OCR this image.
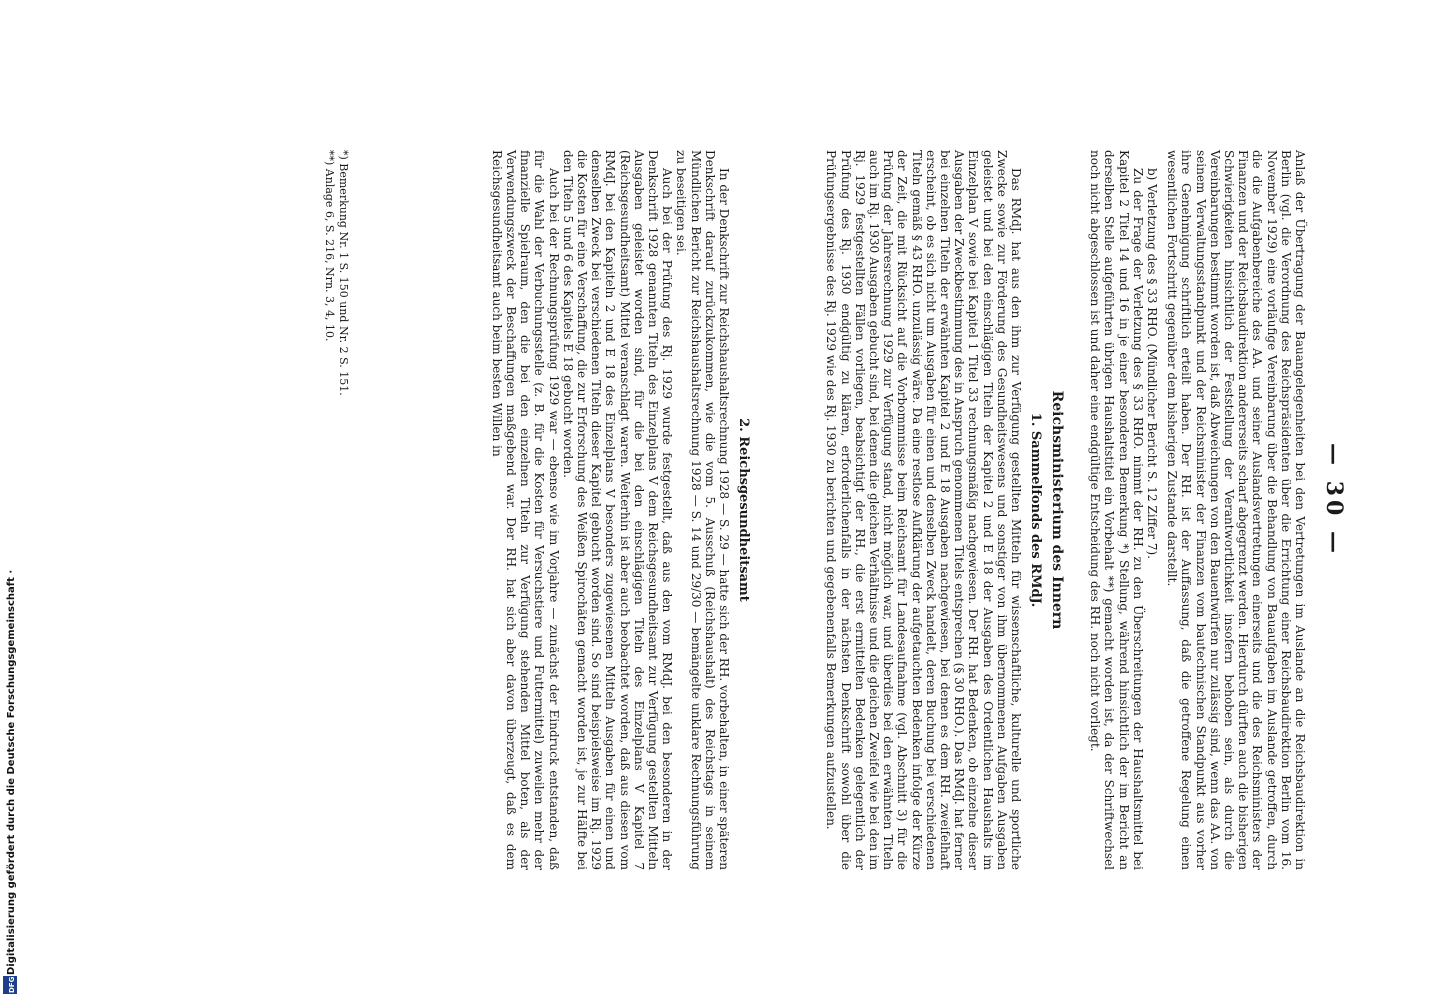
— 30 —

Anlaß der Übertragung der Bauangelegenheiten bei den Vertretungen im Auslande an die Reichsbaudirektion in Berlin (vgl. die Verordnung des Reichspräsidenten über die Errichtung einer Reichsbaudirektion Berlin vom 16. November 1929) eine vorläufige Vereinbarung über die Behandlung von Bauaufgaben im Auslande getroffen, durch die die Aufgabenbereiche des AA. und seiner Auslandsvertretungen einerseits und die des Reichsministers der Finanzen und der Reichsbaudirektion andererseits scharf abgegrenzt werden. Hierdurch dürften auch die bisherigen Schwierigkeiten hinsichtlich der Feststellung der Verantwortlichkeit insofern behoben sein, als durch die Vereinbarungen bestimmt worden ist, daß Abweichungen von den Bauentwürfen nur zulässig sind, wenn das AA. von seinem Verwaltungsstandpunkt und der Reichsminister der Finanzen vom bautechnischen Standpunkt aus vorher ihre Genehmigung schriftlich erteilt haben. Der RH. ist der Auffassung, daß die getroffene Regelung einen wesentlichen Fortschritt gegenüber dem bisherigen Zustande darstellt.

b) Verletzung des § 33 RHO. (Mündlicher Bericht S. 12 Ziffer 7).

Zu der Frage der Verletzung des § 33 RHO. nimmt der RH. zu den Überschreitungen der Haushaltsmittel bei Kapitel 2 Titel 14 und 16 in je einer besonderen Bemerkung *) Stellung, während hinsichtlich der im Bericht an derselben Stelle aufgeführten übrigen Haushaltstitel ein Vorbehalt **) gemacht worden ist, da der Schriftwechsel noch nicht abgeschlossen ist und daher eine endgültige Entscheidung des RH. noch nicht vorliegt.

Reichsministerium des Innern
1. Sammelfonds des RMdJ.

Das RMdJ. hat aus den ihm zur Verfügung gestellten Mitteln für wissenschaftliche, kulturelle und sportliche Zwecke sowie zur Förderung des Gesundheitswesens und sonstiger von ihm übernommenen Aufgaben Ausgaben geleistet und bei den einschlägigen Titeln der Kapitel 2 und E 18 der Ausgaben des Ordentlichen Haushalts im Einzelplan V sowie bei Kapitel 1 Titel 33 rechnungsmäßig nachgewiesen. Der RH. hat Bedenken, ob einzelne dieser Ausgaben der Zweckbestimmung des in Anspruch genommenen Titels entsprechen (§ 30 RHO.). Das RMdJ. hat ferner bei einzelnen Titeln der erwähnten Kapitel 2 und E 18 Ausgaben nachgewiesen, bei denen es dem RH. zweifelhaft erscheint, ob es sich nicht um Ausgaben für einen und denselben Zweck handelt, deren Buchung bei verschiedenen Titeln gemäß § 43 RHO. unzulässig wäre. Da eine restlose Aufklärung der aufgetauchten Bedenken infolge der Kürze der Zeit, die mit Rücksicht auf die Vorbommnisse beim Reichsamt für Landesaufnahme (vgl. Abschnitt 3) für die Prüfung der Jahresrechnung 1929 zur Verfügung stand, nicht möglich war, und überdies bei den erwähnten Titeln auch im Rj. 1930 Ausgaben gebucht sind, bei denen die gleichen Verhältnisse und die gleichen Zweifel wie bei den im Rj. 1929 festgestellten Fällen vorliegen, beabsichtigt der RH., die erst ermittelten Bedenken gelegentlich der Prüfung des Rj. 1930 endgültig zu klären, erforderlichenfalls in der nächsten Denkschrift sowohl über die Prüfungsergebnisse des Rj. 1929 wie des Rj. 1930 zu berichten und gegebenenfalls Bemerkungen aufzustellen.

2. Reichsgesundheitsamt

In der Denkschrift zur Reichshaushaltsrechnung 1928 — S. 29 — hatte sich der RH. vorbehalten, in einer späteren Denkschrift darauf zurückzukommen, wie die vom 5. Ausschuß (Reichshaushalt) des Reichstags in seinem Mündlichen Bericht zur Reichshaushaltsrechnung 1928 — S. 14 und 29/30 — bemängelte unklare Rechnungsführung zu beseitigen sei.

Auch bei der Prüfung des Rj. 1929 wurde festgestellt, daß aus den vom RMdJ. bei den besonderen in der Denkschrift 1928 genannten Titeln des Einzelplans V dem Reichsgesundheitsamt zur Verfügung gestellten Mitteln Ausgaben geleistet worden sind, für die bei den einschlägigen Titeln des Einzelplans V Kapitel 7 (Reichsgesundheitsamt) Mittel veranschlagt waren. Weiterhin ist aber auch beobachtet worden, daß aus diesen vom RMdJ. bei den Kapiteln 2 und E 18 des Einzelplans V besonders zugewiesenen Mitteln Ausgaben für einen und denselben Zweck bei verschiedenen Titeln dieser Kapitel gebucht worden sind. So sind beispielsweise im Rj. 1929 die Kosten für eine Verschaffung, die zur Erforschung des Weißen Spirochäten gemacht worden ist, je zur Hälfte bei den Titeln 5 und 6 des Kapitels E 18 gebucht worden.

Auch bei der Rechnungsprüfung 1929 war — ebenso wie im Vorjahre — zunächst der Eindruck entstanden, daß für die Wahl der Verbuchungsstelle (z. B. für die Kosten für Versuchstiere und Futtermittel) zuweilen mehr der finanzielle Spielraum, den die bei den einzelnen Titeln zur Verfügung stehenden Mittel boten, als der Verwendungszweck der Beschaffungen maßgebend war. Der RH. hat sich aber davon überzeugt, daß es dem Reichsgesundheitsamt auch beim besten Willen in

*) Bemerkung Nr. 1 S. 150 und Nr. 2 S. 151.

**) Anlage 6, S. 216, Nrn. 3, 4, 10.

Digitalisierung gefördert durch die Deutsche Forschungsgemeinschaft ·
DFG
